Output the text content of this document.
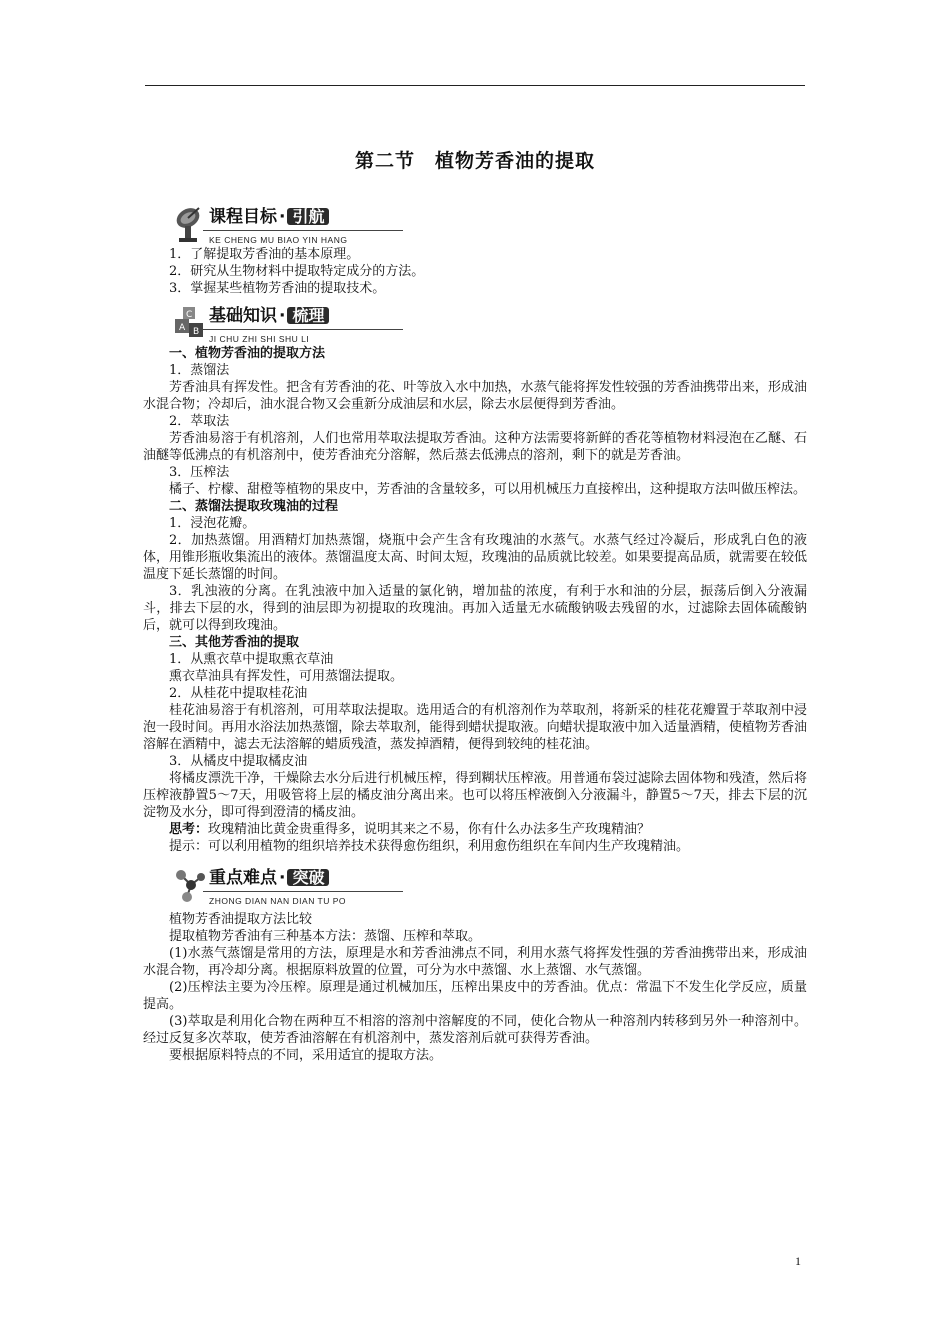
第二节　植物芳香油的提取
课程目标 · 引航
KE CHENG MU BIAO YIN HANG

1．了解提取芳香油的基本原理。

2．研究从生物材料中提取特定成分的方法。

3．掌握某些植物芳香油的提取技术。

A B
C 基础知识 · 梳理
JI CHU ZHI SHI SHU LI

一、植物芳香油的提取方法

1．蒸馏法

芳香油具有挥发性。把含有芳香油的花、叶等放入水中加热，水蒸气能将挥发性较强的芳香油携带出来，形成油水混合物；冷却后，油水混合物又会重新分成油层和水层，除去水层便得到芳香油。

2．萃取法

芳香油易溶于有机溶剂，人们也常用萃取法提取芳香油。这种方法需要将新鲜的香花等植物材料浸泡在乙醚、石油醚等低沸点的有机溶剂中，使芳香油充分溶解，然后蒸去低沸点的溶剂，剩下的就是芳香油。

3．压榨法

橘子、柠檬、甜橙等植物的果皮中，芳香油的含量较多，可以用机械压力直接榨出，这种提取方法叫做压榨法。

二、蒸馏法提取玫瑰油的过程

1．浸泡花瓣。

2．加热蒸馏。用酒精灯加热蒸馏，烧瓶中会产生含有玫瑰油的水蒸气。水蒸气经过冷凝后，形成乳白色的液体，用锥形瓶收集流出的液体。蒸馏温度太高、时间太短，玫瑰油的品质就比较差。如果要提高品质，就需要在较低温度下延长蒸馏的时间。

3．乳浊液的分离。在乳浊液中加入适量的氯化钠，增加盐的浓度，有利于水和油的分层，振荡后倒入分液漏斗，排去下层的水，得到的油层即为初提取的玫瑰油。再加入适量无水硫酸钠吸去残留的水，过滤除去固体硫酸钠后，就可以得到玫瑰油。

三、其他芳香油的提取

1．从熏衣草中提取熏衣草油

熏衣草油具有挥发性，可用蒸馏法提取。

2．从桂花中提取桂花油

桂花油易溶于有机溶剂，可用萃取法提取。选用适合的有机溶剂作为萃取剂，将新采的桂花花瓣置于萃取剂中浸泡一段时间。再用水浴法加热蒸馏，除去萃取剂，能得到蜡状提取液。向蜡状提取液中加入适量酒精，使植物芳香油溶解在酒精中，滤去无法溶解的蜡质残渣，蒸发掉酒精，便得到较纯的桂花油。

3．从橘皮中提取橘皮油

将橘皮漂洗干净，干燥除去水分后进行机械压榨，得到糊状压榨液。用普通布袋过滤除去固体物和残渣，然后将压榨液静置5～7天，用吸管将上层的橘皮油分离出来。也可以将压榨液倒入分液漏斗，静置5～7天，排去下层的沉淀物及水分，即可得到澄清的橘皮油。

思考：玫瑰精油比黄金贵重得多，说明其来之不易，你有什么办法多生产玫瑰精油？

提示：可以利用植物的组织培养技术获得愈伤组织，利用愈伤组织在车间内生产玫瑰精油。

重点难点 · 突破
ZHONG DIAN NAN DIAN TU PO

植物芳香油提取方法比较

提取植物芳香油有三种基本方法：蒸馏、压榨和萃取。

(1)水蒸气蒸馏是常用的方法，原理是水和芳香油沸点不同，利用水蒸气将挥发性强的芳香油携带出来，形成油水混合物，再冷却分离。根据原料放置的位置，可分为水中蒸馏、水上蒸馏、水气蒸馏。

(2)压榨法主要为冷压榨。原理是通过机械加压，压榨出果皮中的芳香油。优点：常温下不发生化学反应，质量提高。

(3)萃取是利用化合物在两种互不相溶的溶剂中溶解度的不同，使化合物从一种溶剂内转移到另外一种溶剂中。经过反复多次萃取，使芳香油溶解在有机溶剂中，蒸发溶剂后就可获得芳香油。

要根据原料特点的不同，采用适宜的提取方法。

1
